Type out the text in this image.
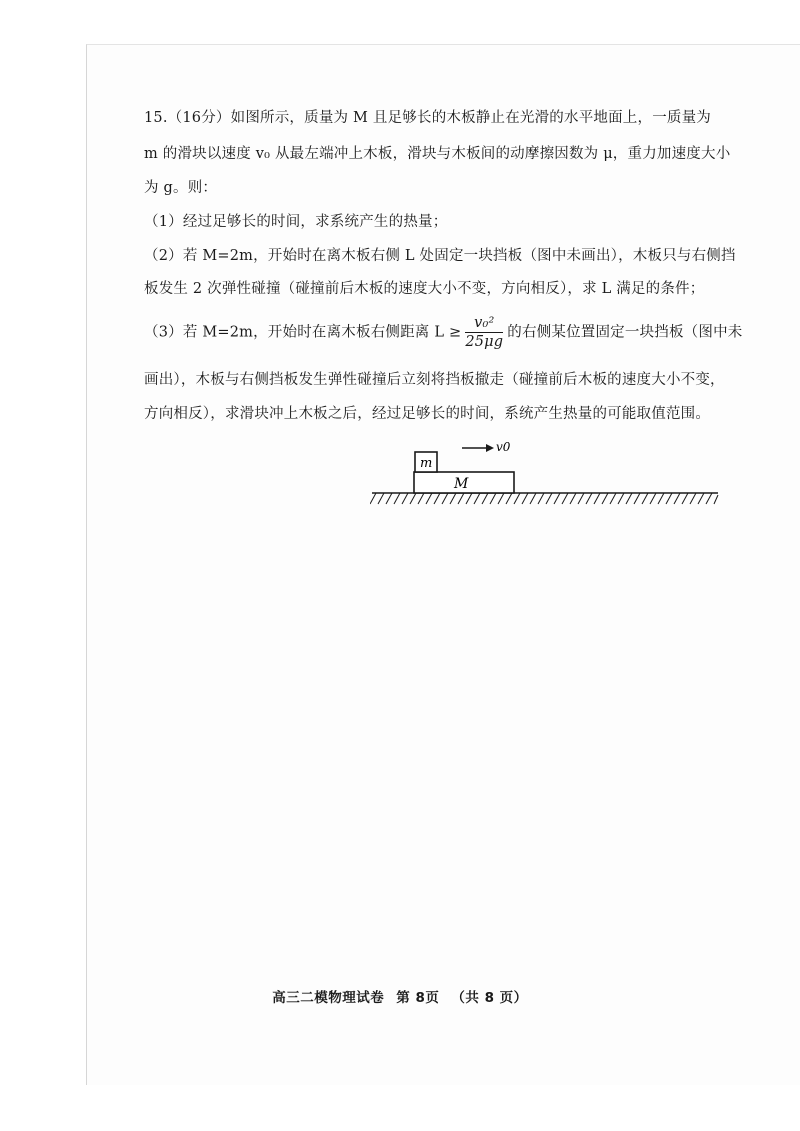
15.（16分）如图所示，质量为 M 且足够长的木板静止在光滑的水平地面上，一质量为
m 的滑块以速度 v₀ 从最左端冲上木板，滑块与木板间的动摩擦因数为 μ，重力加速度大小
为 g。则：
（1）经过足够长的时间，求系统产生的热量；
（2）若 M=2m，开始时在离木板右侧 L 处固定一块挡板（图中未画出），木板只与右侧挡
板发生 2 次弹性碰撞（碰撞前后木板的速度大小不变，方向相反），求 L 满足的条件；
（3）若 M=2m，开始时在离木板右侧距离 $L \ge \frac{\text{v₀²}}{25\mu g}$ 的右侧某位置固定一块挡板（图中未
画出），木板与右侧挡板发生弹性碰撞后立刻将挡板撤走（碰撞前后木板的速度大小不变，
方向相反），求滑块冲上木板之后，经过足够长的时间，系统产生热量的可能取值范围。
M
m
v0
高三二模物理试卷 第 8页 （共 8 页）
